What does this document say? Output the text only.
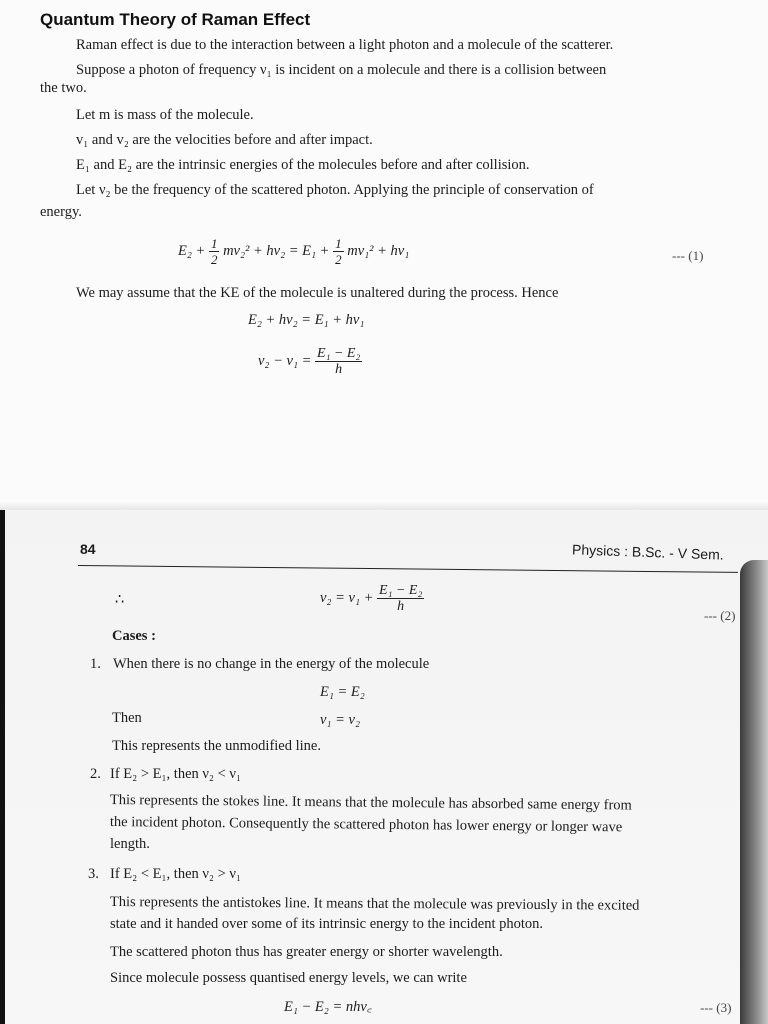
Quantum Theory of Raman Effect
Raman effect is due to the interaction between a light photon and a molecule of the scatterer.
Suppose a photon of frequency ν₁ is incident on a molecule and there is a collision between
the two.
Let m is mass of the molecule.
v₁ and v₂ are the velocities before and after impact.
E₁ and E₂ are the intrinsic energies of the molecules before and after collision.
Let ν₂ be the frequency of the scattered photon. Applying the principle of conservation of
energy.
$E_2 + \frac{1}{2} mv_2^2 + h\nu_2 = E_1 + \frac{1}{2} mv_1^2 + h\nu_1$	--- (1)
We may assume that the KE of the molecule is unaltered during the process. Hence
E₂ + hν₂ = E₁ + hν₁
$\nu_2 - \nu_1 = \frac{\text{E₁ − E₂}}{h}$
84	Physics : B.Sc. - V Sem.
∴	$\nu_2 = \nu_1 + \frac{\text{E₁ − E₂}}{h}$
--- (2)
Cases :
1. When there is no change in the energy of the molecule
E₁ = E₂
Then	ν₁ = ν₂
This represents the unmodified line.
2. If E₂ > E₁, then ν₂ < ν₁
This represents the stokes line. It means that the molecule has absorbed same energy from
the incident photon. Consequently the scattered photon has lower energy or longer wave
length.
3. If E₂ < E₁, then ν₂ > ν₁
This represents the antistokes line. It means that the molecule was previously in the excited
state and it handed over some of its intrinsic energy to the incident photon.
The scattered photon thus has greater energy or shorter wavelength.
Since molecule possess quantised energy levels, we can write
E₁ − E₂ = nhν꜀	--- (3)
